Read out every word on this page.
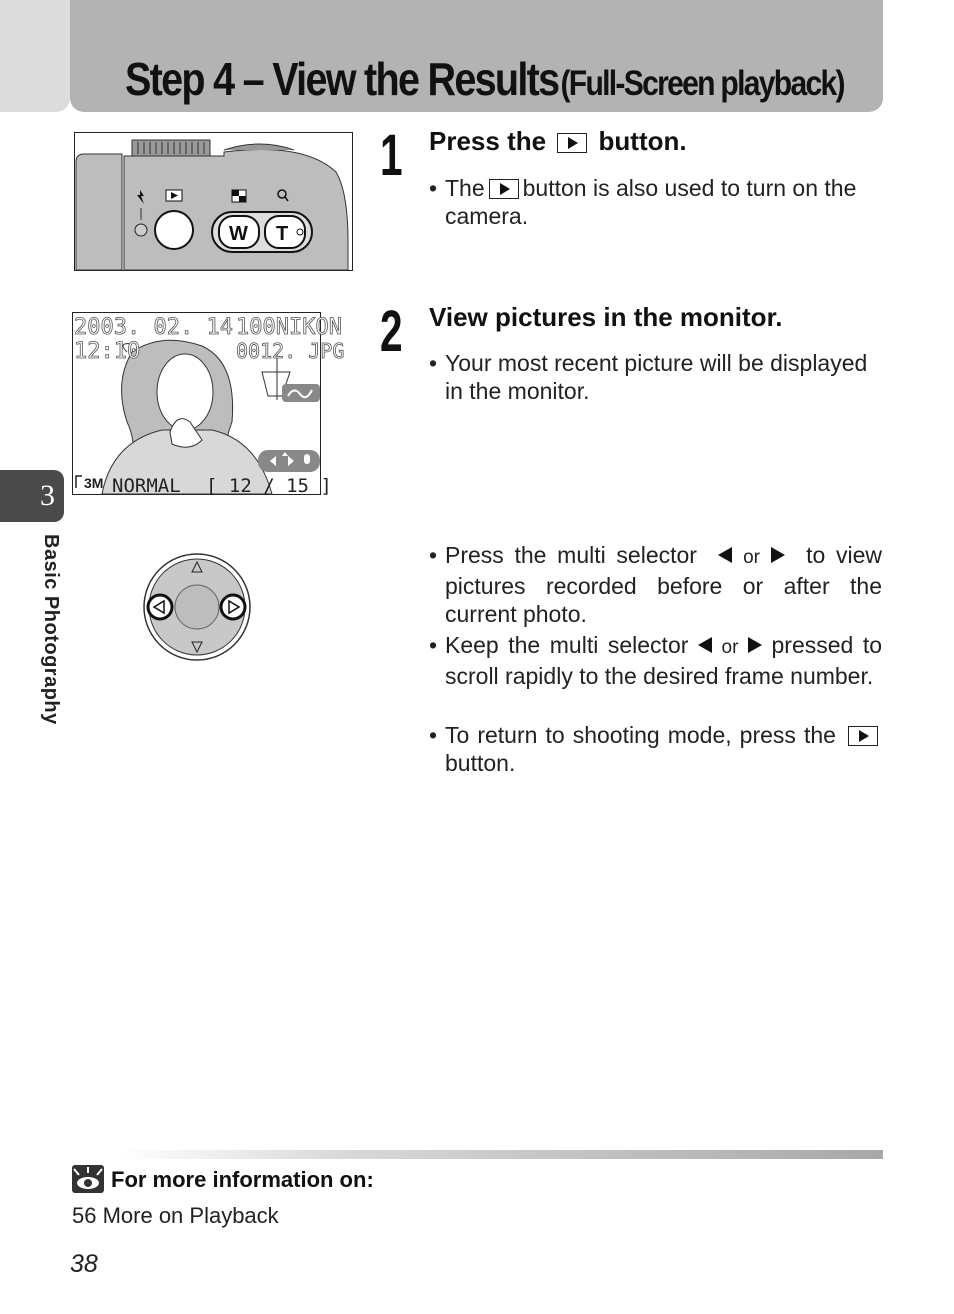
Step 4 – View the Results (Full-Screen playback)
3
Basic Photography
W T
1 Press the button.
• The button is also used to turn on the camera.
2003. 02. 14
12:10
100NIKON
0012. JPG
3M NORMAL [ 12 / 15 ]
2 View pictures in the monitor.
• Your most recent picture will be displayed in the monitor.
• Press the multi selector or to view pictures recorded before or after the current photo.
• Keep the multi selector or pressed to scroll rapidly to the desired frame number.
• To return to shooting mode, press the  button.
For more information on:
56 More on Playback
38
